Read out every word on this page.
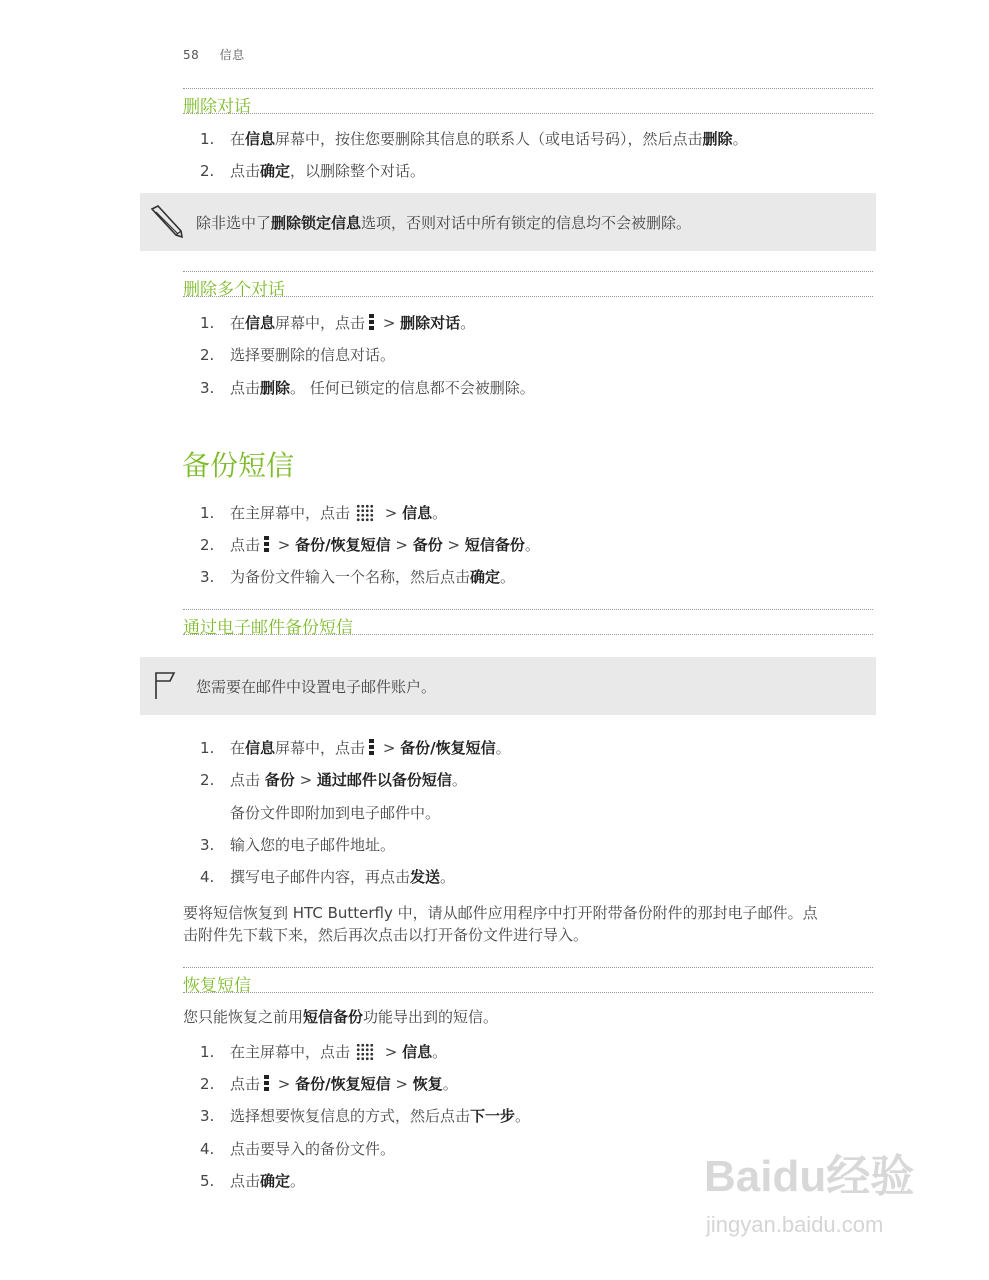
58 信息
删除对话
1. 在信息屏幕中，按住您要删除其信息的联系人（或电话号码），然后点击删除。
2. 点击确定，以删除整个对话。
除非选中了删除锁定信息选项，否则对话中所有锁定的信息均不会被删除。
删除多个对话
1. 在信息屏幕中，点击 > 删除对话。
2. 选择要删除的信息对话。
3. 点击删除。 任何已锁定的信息都不会被删除。
备份短信
1. 在主屏幕中，点击 > 信息。
2. 点击 > 备份/恢复短信 > 备份 > 短信备份。
3. 为备份文件输入一个名称，然后点击确定。
通过电子邮件备份短信
您需要在邮件中设置电子邮件账户。
1. 在信息屏幕中，点击 > 备份/恢复短信。
2. 点击 备份 > 通过邮件以备份短信。
备份文件即附加到电子邮件中。
3. 输入您的电子邮件地址。
4. 撰写电子邮件内容，再点击发送。
要将短信恢复到 HTC Butterfly 中，请从邮件应用程序中打开附带备份附件的那封电子邮件。点
击附件先下载下来，然后再次点击以打开备份文件进行导入。
恢复短信
您只能恢复之前用短信备份功能导出到的短信。
1. 在主屏幕中，点击 > 信息。
2. 点击 > 备份/恢复短信 > 恢复。
3. 选择想要恢复信息的方式，然后点击下一步。
4. 点击要导入的备份文件。
5. 点击确定。	Baidu经验
jingyan.baidu.com
